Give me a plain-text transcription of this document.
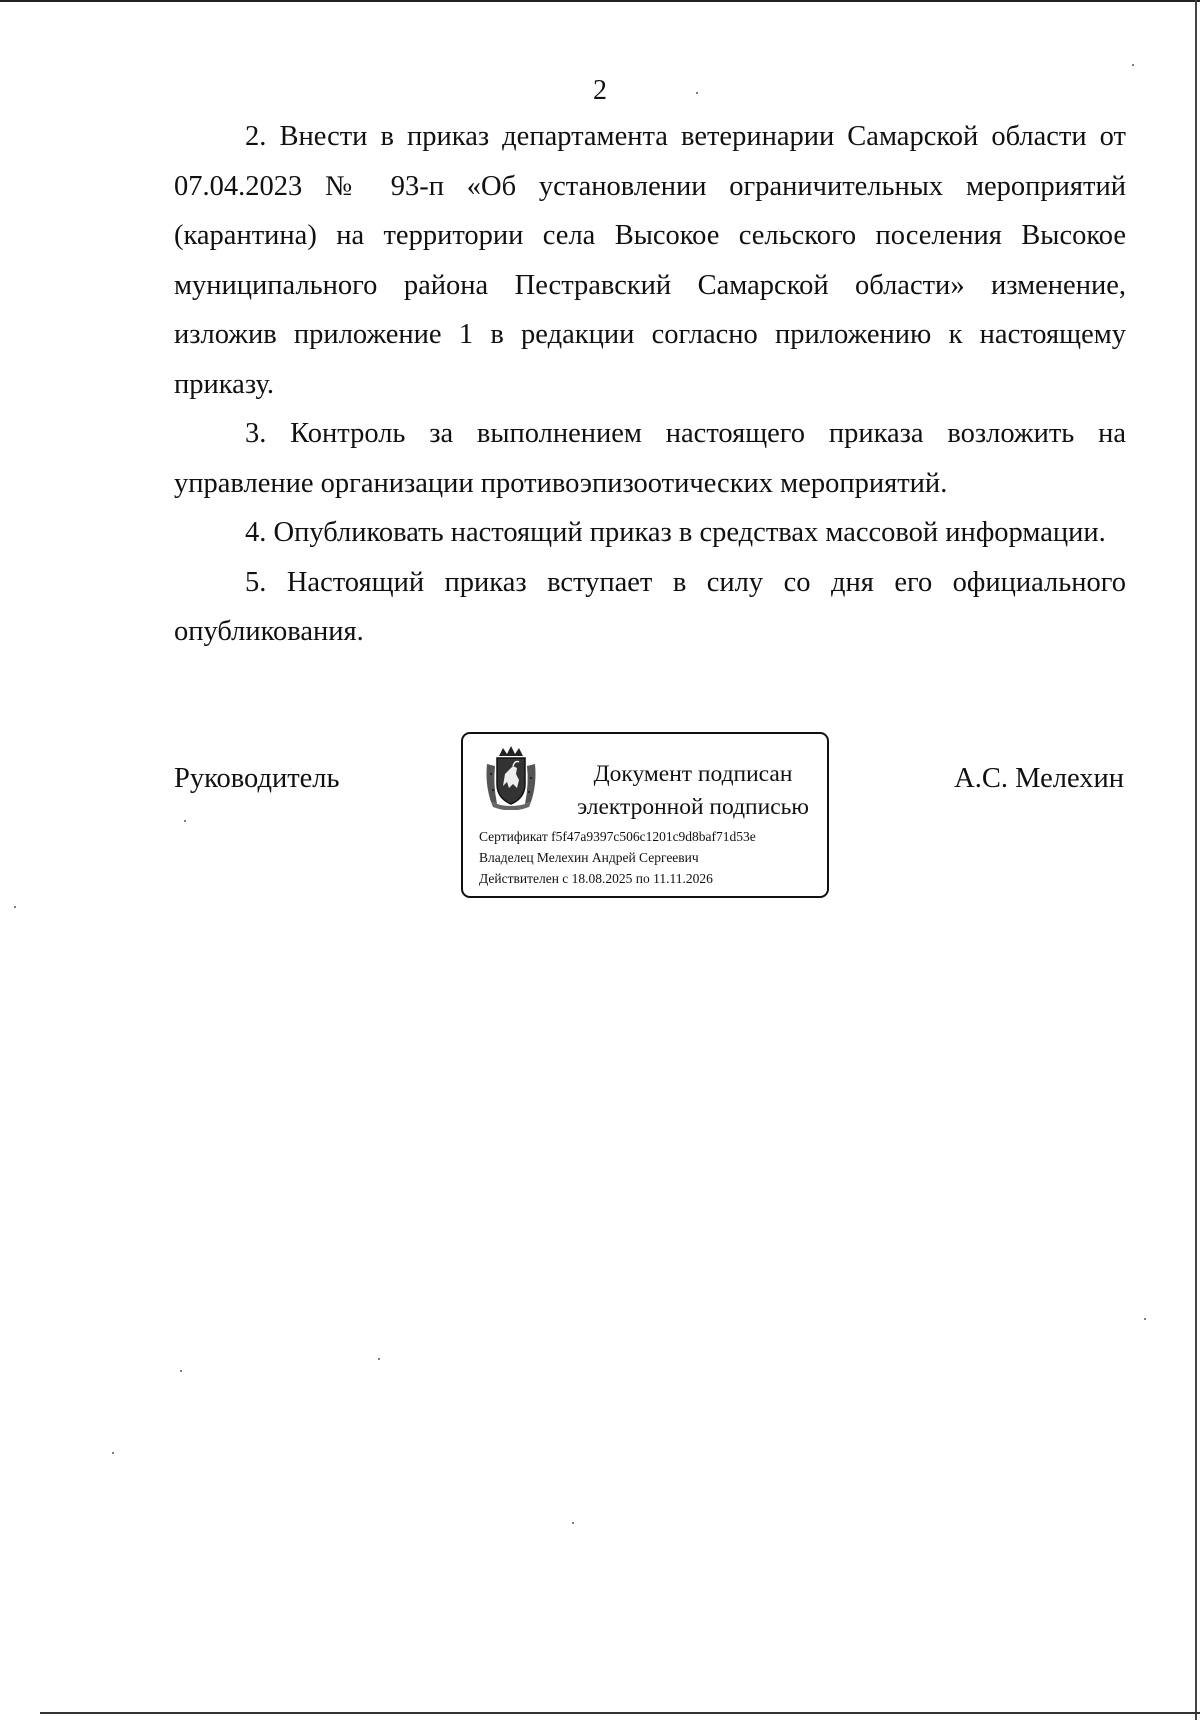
2

2. Внести в приказ департамента ветеринарии Самарской области от 07.04.2023 № 93-п «Об установлении ограничительных мероприятий (карантина) на территории села Высокое сельского поселения Высокое муниципального района Пестравский Самарской области» изменение, изложив приложение 1 в редакции согласно приложению к настоящему приказу.

3. Контроль за выполнением настоящего приказа возложить на управление организации противоэпизоотических мероприятий.

4. Опубликовать настоящий приказ в средствах массовой информации.

5. Настоящий приказ вступает в силу со дня его официального опубликования.

Руководитель	Документ подписан
электронной подписью
Сертификат f5f47a9397c506c1201c9d8baf71d53e
Владелец Мелехин Андрей Сергеевич
Действителен с 18.08.2025 по 11.11.2026
А.С. Мелехин
